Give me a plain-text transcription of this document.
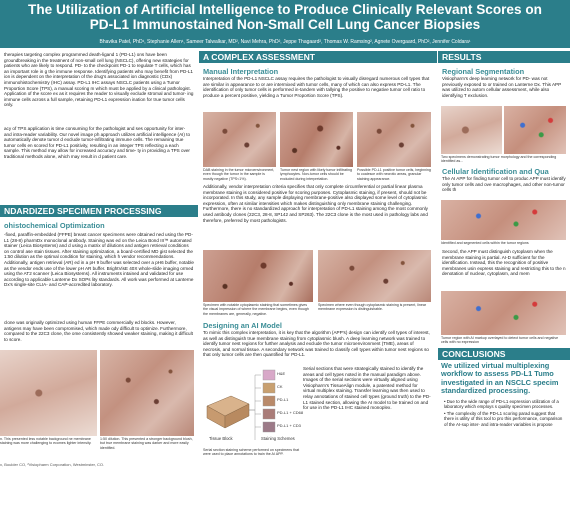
The Utilization of Artificial Intelligence to Produce Clinically Relevant Scores on
PD-L1 Immunostained Non-Small Cell Lung Cancer Biopsies
Bhavika Patel, PhD¹, Stephanie Allen¹, Sameer Talwalkar, MD², Navi Mehra, PhD², Jeppe Thagaard², Thomas W. Ramsing², Agnete Overgaard, PhD², Jennifer Coldara¹
therapies targeting complex programmed death-ligand 1 (PD-L1) ons have been groundbreaking in the treatment of non-small cell lung (NSCLC), offering new strategies for patients who are likely to respond. PD- to the checkpoint PD-1 to regulate T cells, which has an important role in g the immune response. Identifying patients who may benefit from PD-L1 ion is dependent on the interpretation of the drug's associated ion diagnostic (CDx) immunohistochemistry (IHC) assay. PD-L1 IHC assays NSCLC patients using a Tumor Proportion Score (TPS), a manual scoring m which must be applied by a clinical pathologist. Application of the score ex as it requires the reader to visually exclude stromal and tumor- ing immune cells across a full sample, retaining PD-L1 expression ination for true tumor cells only.
acy of TPS application is time consuming for the pathologist and ses opportunity for inter- and intra-reader variability. Our novel image ph approach utilizes artificial intelligence (AI) to automatically denote tumor d exclude tumor-infiltrating immune cells. The remaining true tumor cells en scored for PD-L1 positivity, resulting in an integer TPS reflecting a each sample. This method may allow for increased accuracy and time- ty in providing a TPS over traditional methods alone, which may result in d patient care.
NDARDIZED SPECIMEN PROCESSING
ohistochemical Optimization
-fixed, paraffin-embedded (FFPE) breast cancer specimens were obtained ned using the PD-L1 (28-8) pharmDx monoclonal antibody. Staining was ed on the Leica Bond III™ automated stainer (Leica Biosystems) and d using a matrix of dilutions and antigen retrieval conditions on control ase stain tissues. After staining optimization, a board-certified MD gist selected the 1:50 dilution as the optimal condition for staining, which h vendor recommendations. Additionally, antigen retrieval (AR) ed in a pH 9 buffer was selected over a pH6 buffer, notable as the vendor ends use of the lower pH AR buffer. BrightVisE 40X whole-slide imaging ormed using the AT2 scanner (Leica Biosystems). All instruments intained and validated for use according to applicable Lanterne Dx SOPs lity standards. All work was performed at Lanterne Dx's single-site CLIA- and CAP-accredited laboratory.
clone was originally optimized using human FFPE commercially ed blocks. However, antigens may have been compromised, which made ody difficult to optimize. Furthermore, compared to the 22C3 clone, the ome consistently showed weaker staining, making it difficult to score.
n. This presented less notable background ne membrane staining was more challenging to ecomes lighter intensity.
1:50 dilution. This presented a stronger background blush, but true membrane staining was darker and more easily identified.
A COMPLEX ASSESSMENT
Manual Interpretation
Interpretation of the PD-L1 NSCLC assay requires the pathologist to visually disregard numerous cell types that are similar in appearance to or are intermixed with tumor cells, many of which can also express PD-L1. The identification of only tumor cells is performed in-tandem with tallying the positive to negative tumor cell ratio to produce a percent positive, yielding a Tumor Proportion Score (TPS).
DAB staining in the tumor microenvironment, even though the tumor in the sample is mostly negative (TPS<1%).
Tumor nest region with likely tumor infiltrating lymphocytes. Non-tumor cells should be excluded during interpretation.
Possible PD-L1 positive tumor cells, beginning to coalesce with necrotic areas, granular staining appearance.
Additionally, vendor interpretation criteria specifies that only complete circumferential or partial linear plasma membrane staining is considered positive for scoring purposes. Cytoplasmic staining, if present, should not be incorporated. In this study, any sample displaying membrane-positive also displayed some level of cytoplasmic expression, often at similar intensities which makes distinguishing only membrane staining challenging. Furthermore, there is no standardized approach for interpretation of PD-L1 staining among the most commonly used antibody clones (22C3, 28-8, SP142 and SP263). The 22C3 clone is the most used in pathology labs and therefore, preferred by most pathologists.
Specimen with notable cytoplasmic staining that sometimes gives the visual impression of where the membrane begins, even though the membranes are, generally, negative.
Specimen where even though cytoplasmic staining is present, linear membrane expression is distinguishable.
Designing an AI Model
To mimic this complex interpretation, it is key that the algorithm (APP's) design can identify cell types of interest, as well as distinguish true membrane staining from cytoplasmic blush. A deep learning network was trained to identify tumor nest regions for further analysis and exclude the tumor microenvironment (TME), areas of necrosis, and normal tissue. A secondary network was trained to classify cell types within tumor nest regions so that only tumor cells are then quantified for PD-L1.
H&E
CK
PD-L1
PD-L1 + CD68
PD-L1 + CD3
Tissue Block	Staining Schemes
Serial section staining scheme performed on specimens that were used to place annotations to train the AI APP.
Serial sections that were strategically stained to identify the areas and cell types noted in the manual paradigm above. Images of the serial sections were virtually aligned using Visiopharm's TissueAlign module, a patented method for virtual multiplex staining. Transfer learning was then used to relay annotations of stained cell types (ground truth) to the PD-L1 stained section, allowing the AI model to be trained on and for use in the PD-L1 IHC stained monoplex.
RESULTS
Regional Segmentation
Visiopharm's deep learning network for PD- was not previously exposed to or trained on Lanterne Dx. This APP was utilized to autom cellular assessment, while also identifying T exclusion.
Two specimens demonstrating tumor morphology and the corresponding identified as...
Cellular Identification and Qua
The AI APP for finding tumor cell to produc APP must identify only tumor cells and ove macrophages, and other non-tumor cells th
Identified and segmented cells within the tumor regions
Second, the APP must distinguish cytoplasm when the membrane staining is partial. AI-D sufficient for the identification. Instead, this the recognition of positive membranes usin express staining and restricting this to the n denotation of nuclear, cytoplasm, and mem
Tumor region with AI markup overlayed to detect tumor cells and negative cells with no expression
CONCLUSIONS
We utilized virtual multiplexing workflow to assess PD-L1 Tumo investigated in an NSCLC specim standardized processing.
• Due to the wide range of PD-L1 expression utilization of a laboratory which employs s quality specimen processes.
• The complexity of the PD-L1 scoring parad suggest that there is utility of this tool to pro this performance, comparison of the AI-sup inter- and intra-reader variables is propose
x, Boulder CO, ²Visiopharm Corporation, Westminster, CO.
